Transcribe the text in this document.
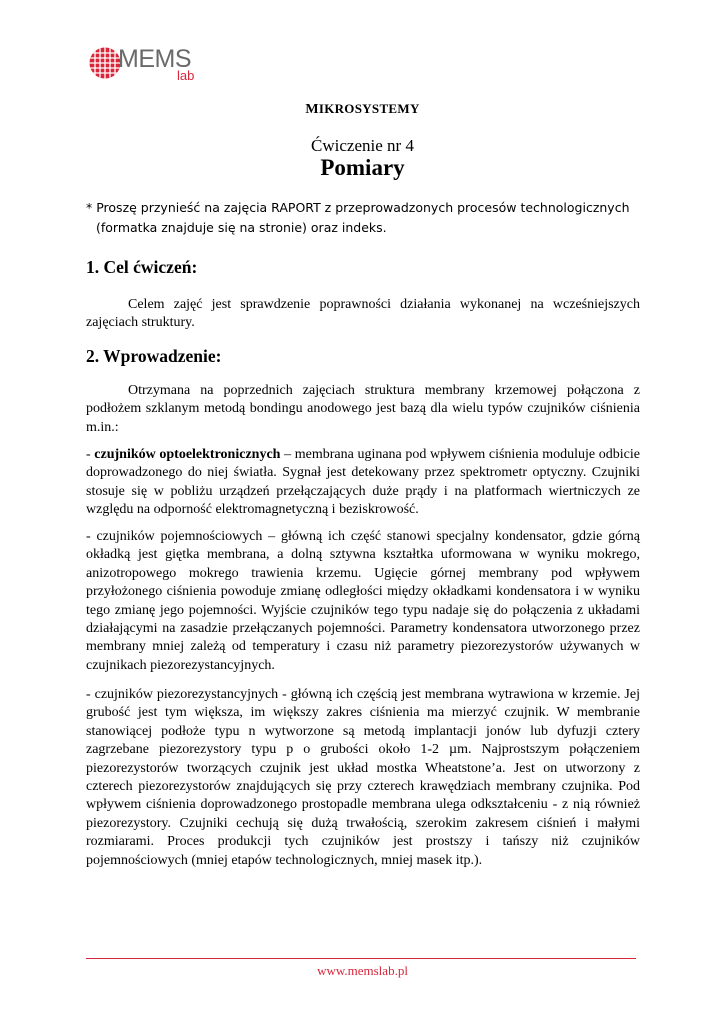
MEMS
lab
MIKROSYSTEMY
Ćwiczenie nr 4
Pomiary
* Proszę przynieść na zajęcia RAPORT z przeprowadzonych procesów technologicznych
(formatka znajduje się na stronie) oraz indeks.
1. Cel ćwiczeń:

Celem zajęć jest sprawdzenie poprawności działania wykonanej na wcześniejszych zajęciach struktury.

2. Wprowadzenie:

Otrzymana na poprzednich zajęciach struktura membrany krzemowej połączona z podłożem szklanym metodą bondingu anodowego jest bazą dla wielu typów czujników ciśnienia m.in.:

- czujników optoelektronicznych – membrana uginana pod wpływem ciśnienia moduluje odbicie doprowadzonego do niej światła. Sygnał jest detekowany przez spektrometr optyczny. Czujniki stosuje się w pobliżu urządzeń przełączających duże prądy i na platformach wiertniczych ze względu na odporność elektromagnetyczną i beziskrowość.

- czujników pojemnościowych – główną ich część stanowi specjalny kondensator, gdzie górną okładką jest giętka membrana, a dolną sztywna kształtka uformowana w wyniku mokrego, anizotropowego mokrego trawienia krzemu. Ugięcie górnej membrany pod wpływem przyłożonego ciśnienia powoduje zmianę odległości między okładkami kondensatora i w wyniku tego zmianę jego pojemności. Wyjście czujników tego typu nadaje się do połączenia z układami działającymi na zasadzie przełączanych pojemności. Parametry kondensatora utworzonego przez membrany mniej zależą od temperatury i czasu niż parametry piezorezystorów używanych w czujnikach piezorezystancyjnych.

- czujników piezorezystancyjnych - główną ich częścią jest membrana wytrawiona w krzemie. Jej grubość jest tym większa, im większy zakres ciśnienia ma mierzyć czujnik. W membranie stanowiącej podłoże typu n wytworzone są metodą implantacji jonów lub dyfuzji cztery zagrzebane piezorezystory typu p o grubości około 1-2 µm. Najprostszym połączeniem piezorezystorów tworzących czujnik jest układ mostka Wheatstone’a. Jest on utworzony z czterech piezorezystorów znajdujących się przy czterech krawędziach membrany czujnika. Pod wpływem ciśnienia doprowadzonego prostopadle membrana ulega odkształceniu - z nią również piezorezystory. Czujniki cechują się dużą trwałością, szerokim zakresem ciśnień i małymi rozmiarami. Proces produkcji tych czujników jest prostszy i tańszy niż czujników pojemnościowych (mniej etapów technologicznych, mniej masek itp.).

www.memslab.pl
